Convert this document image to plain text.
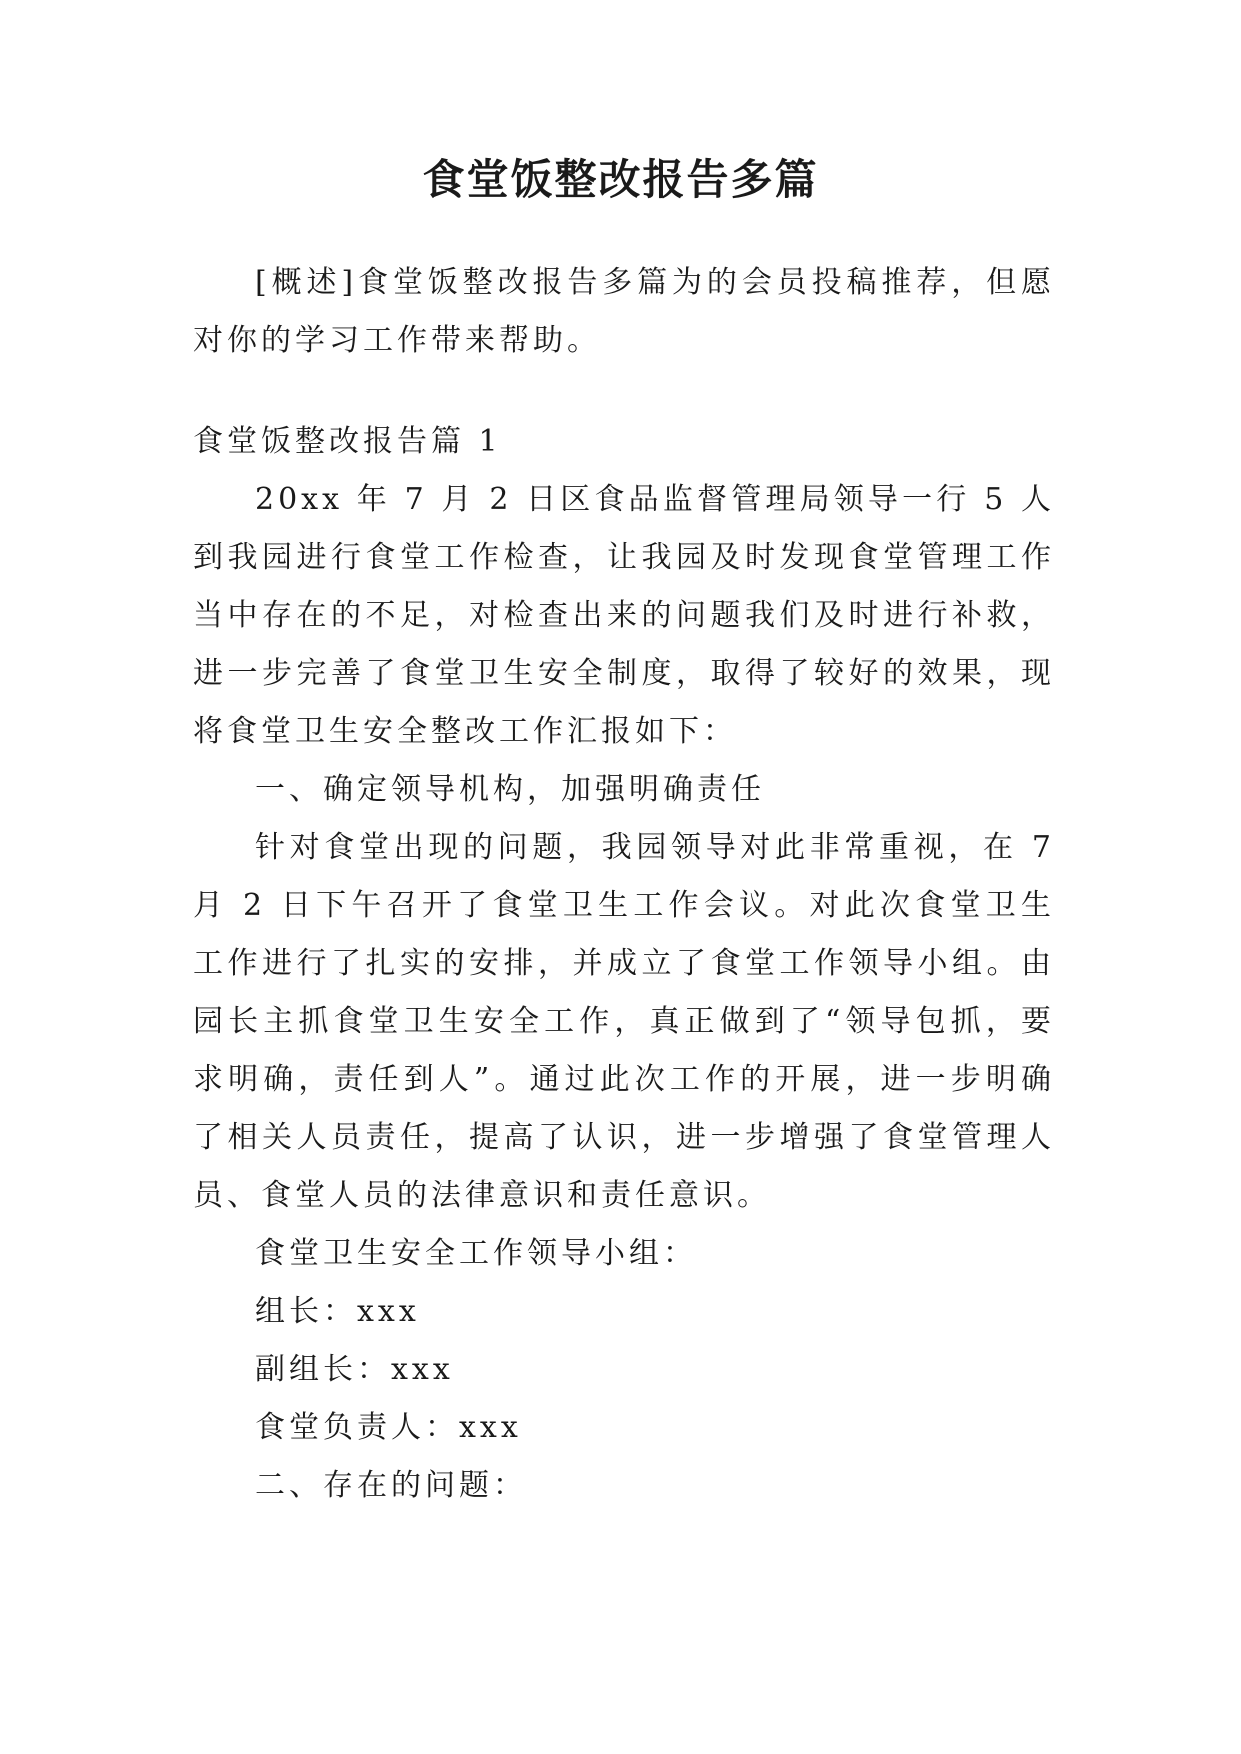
食堂饭整改报告多篇

[概述]食堂饭整改报告多篇为的会员投稿推荐，但愿对你的学习工作带来帮助。

食堂饭整改报告篇 1

20xx 年 7 月 2 日区食品监督管理局领导一行 5 人到我园进行食堂工作检查，让我园及时发现食堂管理工作当中存在的不足，对检查出来的问题我们及时进行补救，进一步完善了食堂卫生安全制度，取得了较好的效果，现将食堂卫生安全整改工作汇报如下：

一、确定领导机构，加强明确责任

针对食堂出现的问题，我园领导对此非常重视，在 7 月 2 日下午召开了食堂卫生工作会议。对此次食堂卫生工作进行了扎实的安排，并成立了食堂工作领导小组。由园长主抓食堂卫生安全工作，真正做到了“领导包抓，要求明确，责任到人”。通过此次工作的开展，进一步明确了相关人员责任，提高了认识，进一步增强了食堂管理人员、食堂人员的法律意识和责任意识。

食堂卫生安全工作领导小组：

组长：xxx

副组长：xxx

食堂负责人：xxx

二、存在的问题：
